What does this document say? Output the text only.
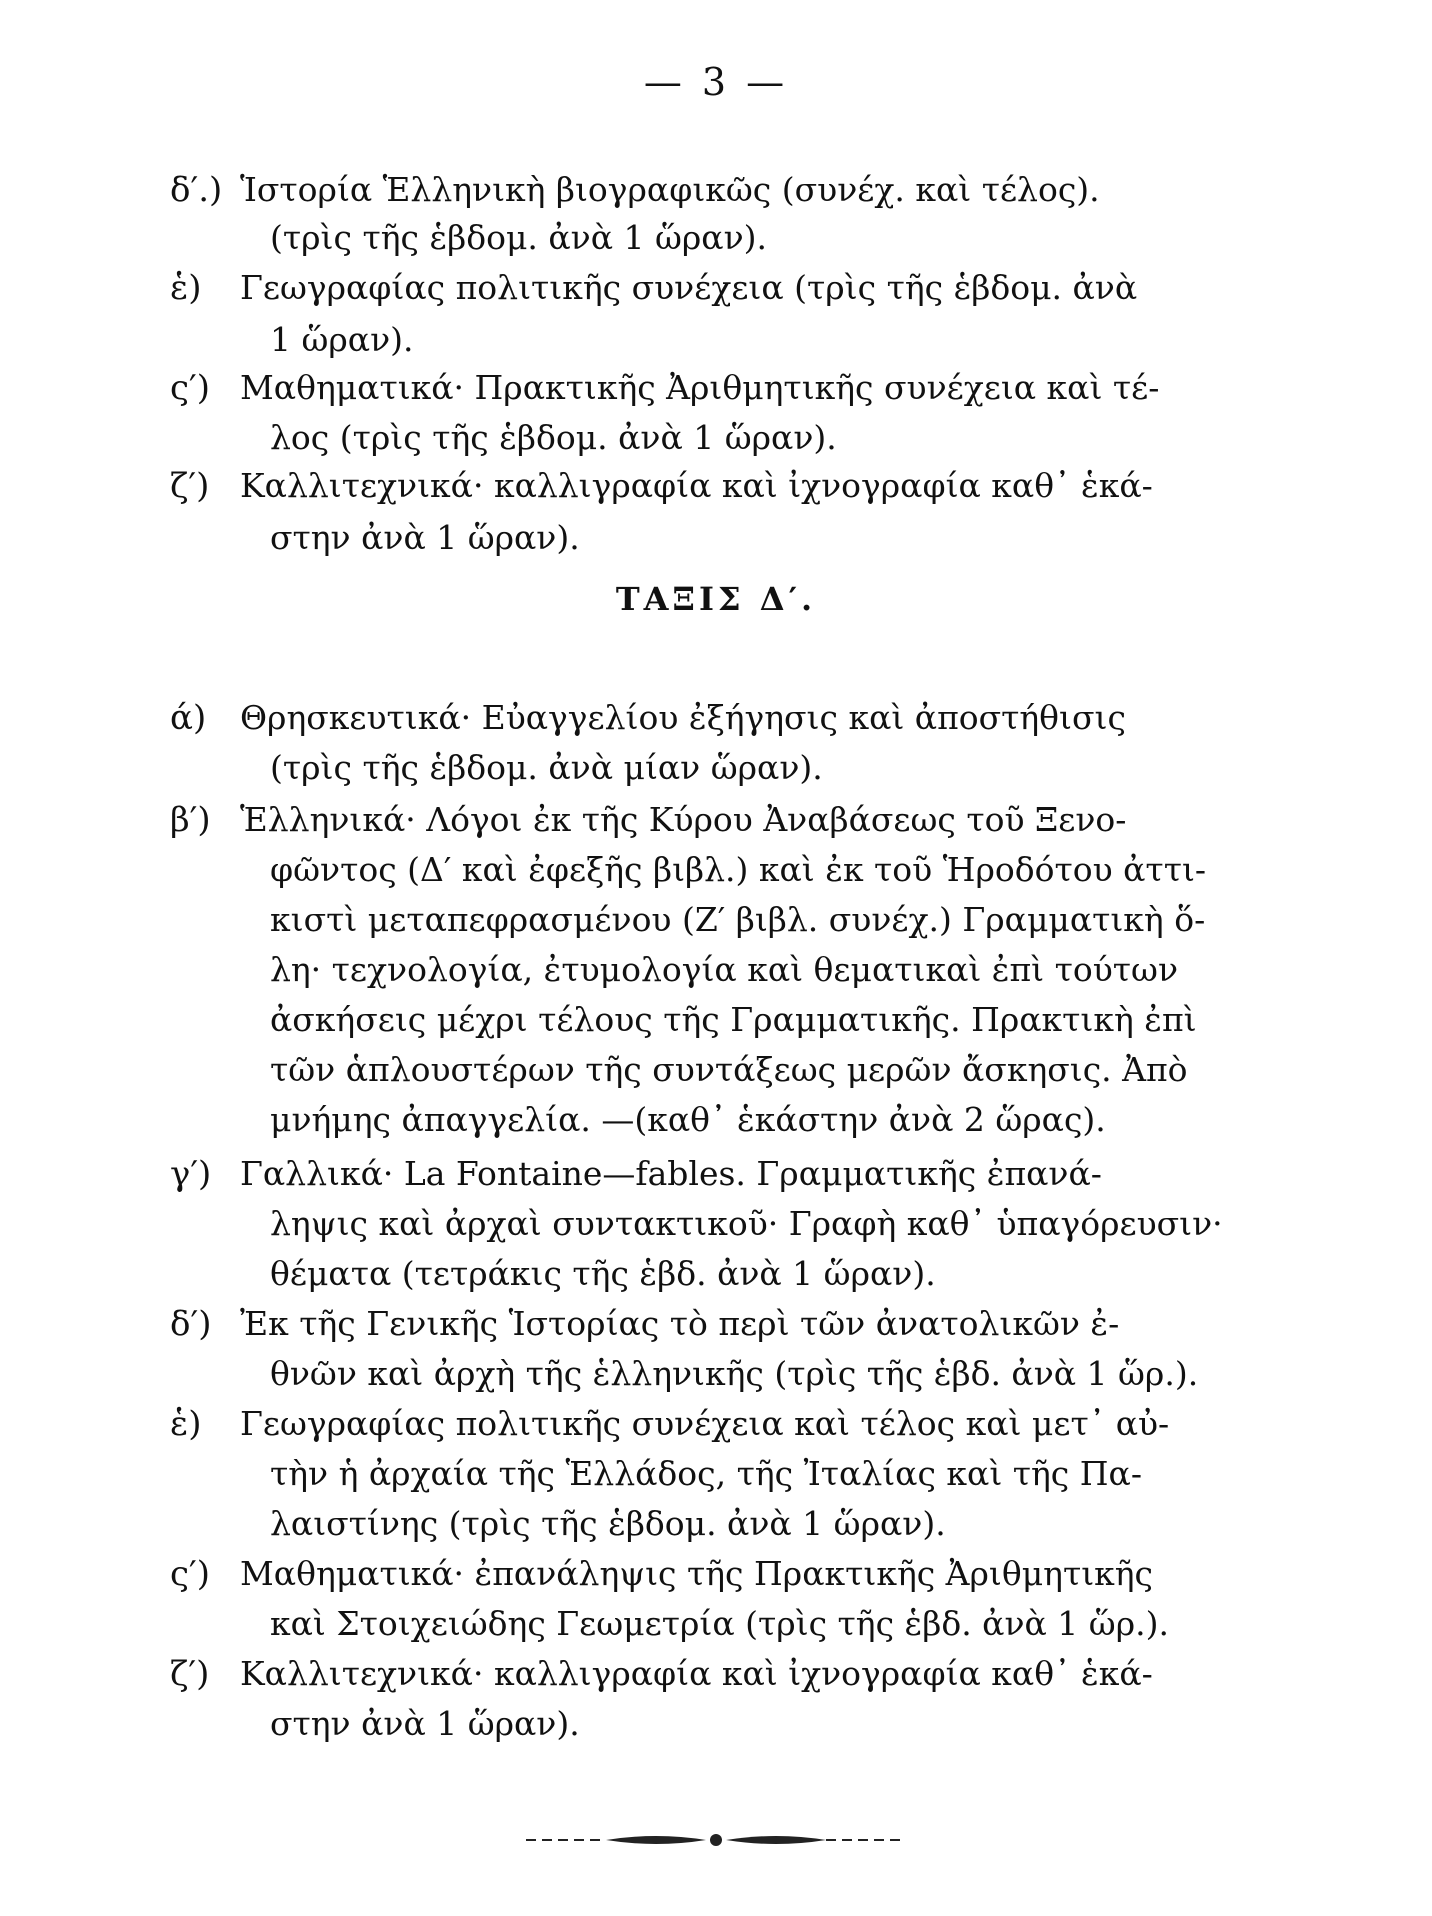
— 3 —
δ′.) Ἱστορία Ἑλληνικὴ βιογραφικῶς (συνέχ. καὶ τέλος).
(τρὶς τῆς ἑβδομ. ἀνὰ 1 ὥραν).
ἑ)	Γεωγραφίας πολιτικῆς συνέχεια (τρὶς τῆς ἑβδομ. ἀνὰ
1 ὥραν).
ς′) Μαθηματικά· Πρακτικῆς Ἀριθμητικῆς συνέχεια καὶ τέ-
λος (τρὶς τῆς ἑβδομ. ἀνὰ 1 ὥραν).
ζ′) Καλλιτεχνικά· καλλιγραφία καὶ ἰχνογραφία καθ᾽ ἑκά-
στην ἀνὰ 1 ὥραν).
ΤΑΞΙΣ Δ′.
ά)	Θρησκευτικά· Εὐαγγελίου ἐξήγησις καὶ ἀποστήθισις
(τρὶς τῆς ἑβδομ. ἀνὰ μίαν ὥραν).
β′) Ἑλληνικά· Λόγοι ἐκ τῆς Κύρου Ἀναβάσεως τοῦ Ξενο-
φῶντος (Δ′ καὶ ἐφεξῆς βιβλ.) καὶ ἐκ τοῦ Ἡροδότου ἀττι-
κιστὶ μεταπεφρασμένου (Ζ′ βιβλ. συνέχ.) Γραμματικὴ ὅ-
λη· τεχνολογία, ἐτυμολογία καὶ θεματικαὶ ἐπὶ τούτων
ἀσκήσεις μέχρι τέλους τῆς Γραμματικῆς. Πρακτικὴ ἐπὶ
τῶν ἁπλουστέρων τῆς συντάξεως μερῶν ἄσκησις. Ἀπὸ
μνήμης ἀπαγγελία. —(καθ᾽ ἑκάστην ἀνὰ 2 ὥρας).
γ′) Γαλλικά· La Fontaine—fables. Γραμματικῆς ἐπανά-
ληψις καὶ ἀρχαὶ συντακτικοῦ· Γραφὴ καθ᾽ ὑπαγόρευσιν·
θέματα (τετράκις τῆς ἑβδ. ἀνὰ 1 ὥραν).
δ′) Ἐκ τῆς Γενικῆς Ἱστορίας τὸ περὶ τῶν ἀνατολικῶν ἐ-
θνῶν καὶ ἀρχὴ τῆς ἑλληνικῆς (τρὶς τῆς ἑβδ. ἀνὰ 1 ὥρ.).
ἑ)	Γεωγραφίας πολιτικῆς συνέχεια καὶ τέλος καὶ μετ᾽ αὐ-
τὴν ἡ ἀρχαία τῆς Ἑλλάδος, τῆς Ἰταλίας καὶ τῆς Πα-
λαιστίνης (τρὶς τῆς ἑβδομ. ἀνὰ 1 ὥραν).
ς′) Μαθηματικά· ἐπανάληψις τῆς Πρακτικῆς Ἀριθμητικῆς
καὶ Στοιχειώδης Γεωμετρία (τρὶς τῆς ἑβδ. ἀνὰ 1 ὥρ.).
ζ′) Καλλιτεχνικά· καλλιγραφία καὶ ἰχνογραφία καθ᾽ ἑκά-
στην ἀνὰ 1 ὥραν).
